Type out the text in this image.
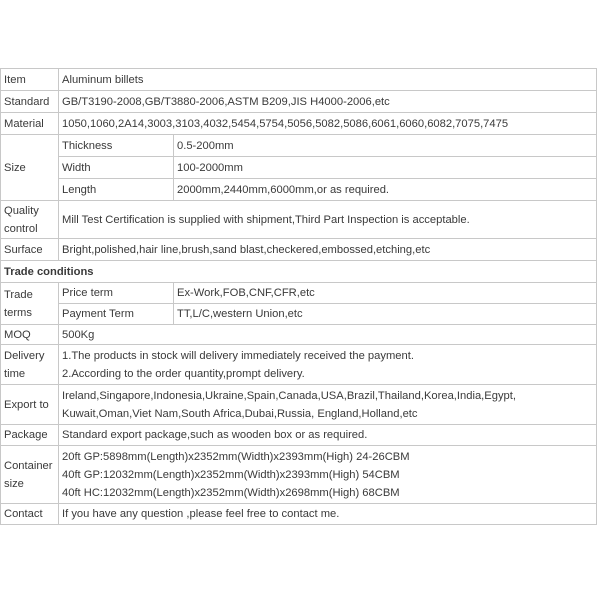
Item	Aluminum billets	
Standard	GB/T3190-2008,GB/T3880-2006,ASTM B209,JIS H4000-2006,etc	
Material	1050,1060,2A14,3003,3103,4032,5454,5754,5056,5082,5086,6061,6060,6082,7075,7475	
Size	Thickness	0.5-200mm
	Width	100-2000mm
	Length	2000mm,2440mm,6000mm,or as required.

Quality
control	Mill Test Certification is supplied with shipment,Third Part Inspection is acceptable.	
Surface	Bright,polished,hair line,brush,sand blast,checkered,embossed,etching,etc	
Trade conditions		

Trade
terms	Price term	Ex-Work,FOB,CNF,CFR,etc
	Payment Term	TT,L/C,western Union,etc
MOQ	500Kg	

Delivery
time	1.The products in stock will delivery immediately received the payment.
2.According to the order quantity,prompt delivery.	

Export to	Ireland,Singapore,Indonesia,Ukraine,Spain,Canada,USA,Brazil,Thailand,Korea,India,Egypt,
Kuwait,Oman,Viet Nam,South Africa,Dubai,Russia, England,Holland,etc	

Package	Standard export package,such as wooden box or as required.	

Container
size	20ft GP:5898mm(Length)x2352mm(Width)x2393mm(High) 24-26CBM
40ft GP:12032mm(Length)x2352mm(Width)x2393mm(High) 54CBM
40ft HC:12032mm(Length)x2352mm(Width)x2698mm(High) 68CBM	

Contact	If you have any question ,please feel free to contact me.	
